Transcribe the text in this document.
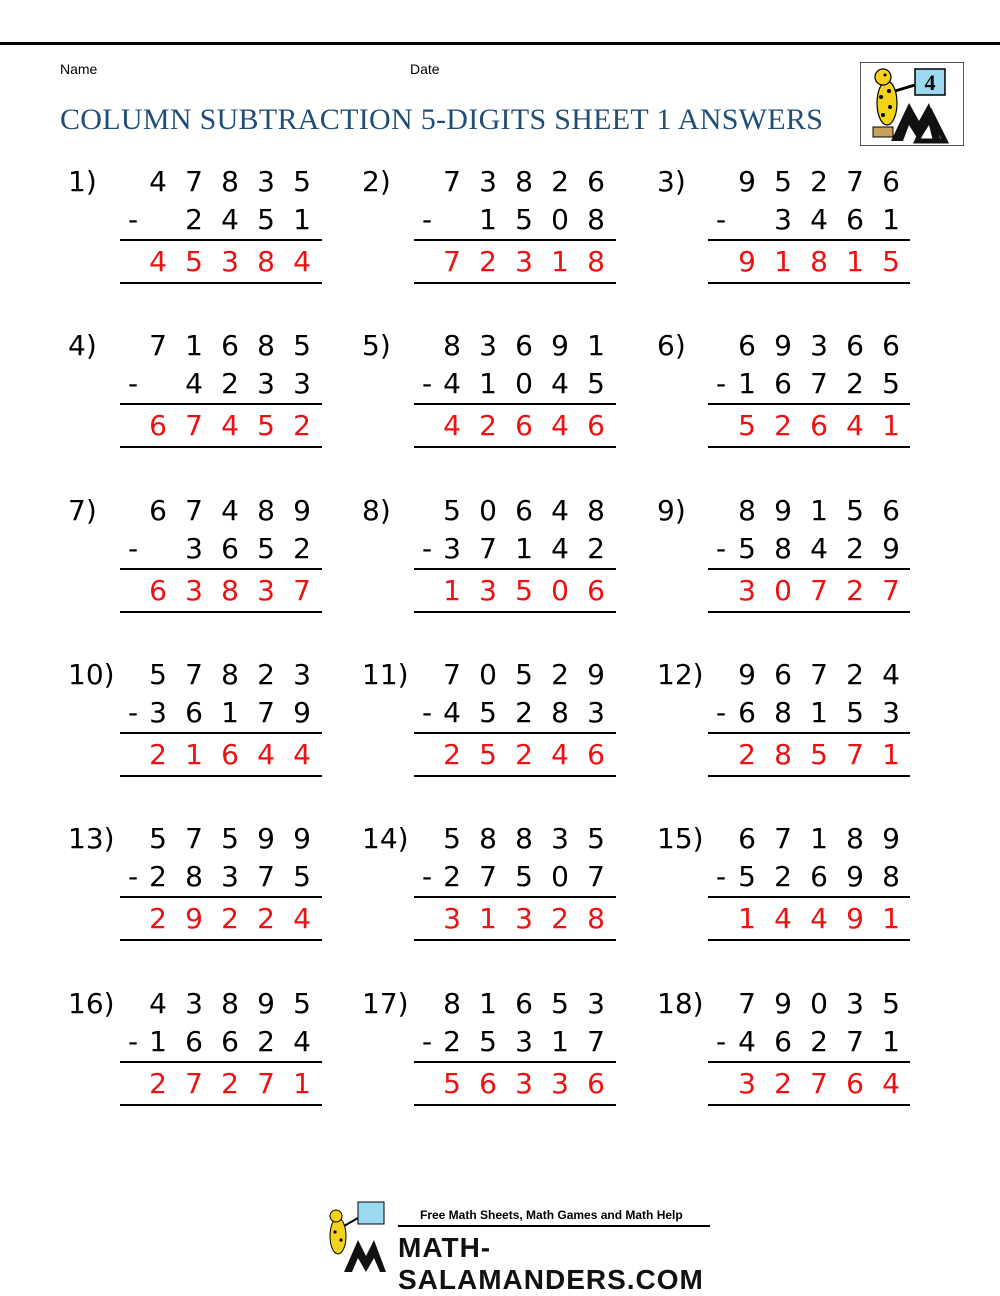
Name	Date
COLUMN SUBTRACTION 5-DIGITS SHEET 1 ANSWERS
4
1) 4 7 8 3 5
- 2 4 5 1
4 5 3 8 4
2) 7 3 8 2 6
- 1 5 0 8
7 2 3 1 8
3) 9 5 2 7 6
- 3 4 6 1
9 1 8 1 5
4) 7 1 6 8 5
- 4 2 3 3
6 7 4 5 2
5) 8 3 6 9 1
- 4 1 0 4 5
4 2 6 4 6
6) 6 9 3 6 6
- 1 6 7 2 5
5 2 6 4 1
7) 6 7 4 8 9
- 3 6 5 2
6 3 8 3 7
8) 5 0 6 4 8
- 3 7 1 4 2
1 3 5 0 6
9) 8 9 1 5 6
- 5 8 4 2 9
3 0 7 2 7
10) 5 7 8 2 3
- 3 6 1 7 9
2 1 6 4 4
11) 7 0 5 2 9
- 4 5 2 8 3
2 5 2 4 6
12) 9 6 7 2 4
- 6 8 1 5 3
2 8 5 7 1
13) 5 7 5 9 9
- 2 8 3 7 5
2 9 2 2 4
14) 5 8 8 3 5
- 2 7 5 0 7
3 1 3 2 8
15) 6 7 1 8 9
- 5 2 6 9 8
1 4 4 9 1
16) 4 3 8 9 5
- 1 6 6 2 4
2 7 2 7 1
17) 8 1 6 5 3
- 2 5 3 1 7
5 6 3 3 6
18) 7 9 0 3 5
- 4 6 2 7 1
3 2 7 6 4
Free Math Sheets, Math Games and Math Help
MATH-SALAMANDERS.COM
